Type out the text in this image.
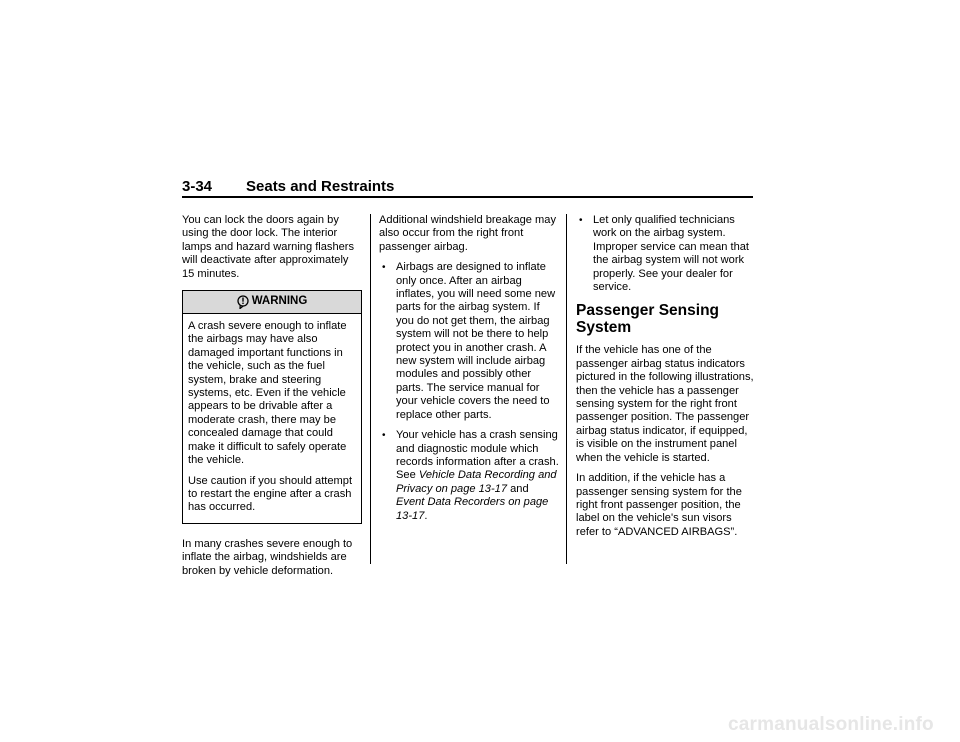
3-34 Seats and Restraints

You can lock the doors again by using the door lock. The interior lamps and hazard warning flashers will deactivate after approximately 15 minutes.

WARNING

A crash severe enough to inflate the airbags may have also damaged important functions in the vehicle, such as the fuel system, brake and steering systems, etc. Even if the vehicle appears to be drivable after a moderate crash, there may be concealed damage that could make it difficult to safely operate the vehicle.

Use caution if you should attempt to restart the engine after a crash has occurred.

In many crashes severe enough to inflate the airbag, windshields are broken by vehicle deformation.

Additional windshield breakage may also occur from the right front passenger airbag.

• Airbags are designed to inflate only once. After an airbag inflates, you will need some new parts for the airbag system. If you do not get them, the airbag system will not be there to help protect you in another crash. A new system will include airbag modules and possibly other parts. The service manual for your vehicle covers the need to replace other parts.
• Your vehicle has a crash sensing and diagnostic module which records information after a crash. See Vehicle Data Recording and Privacy on page 13-17 and Event Data Recorders on page 13-17.
• Let only qualified technicians work on the airbag system. Improper service can mean that the airbag system will not work properly. See your dealer for service.
Passenger Sensing System

If the vehicle has one of the passenger airbag status indicators pictured in the following illustrations, then the vehicle has a passenger sensing system for the right front passenger position. The passenger airbag status indicator, if equipped, is visible on the instrument panel when the vehicle is started.

In addition, if the vehicle has a passenger sensing system for the right front passenger position, the label on the vehicle's sun visors refer to “ADVANCED AIRBAGS”.

carmanualsonline.info
